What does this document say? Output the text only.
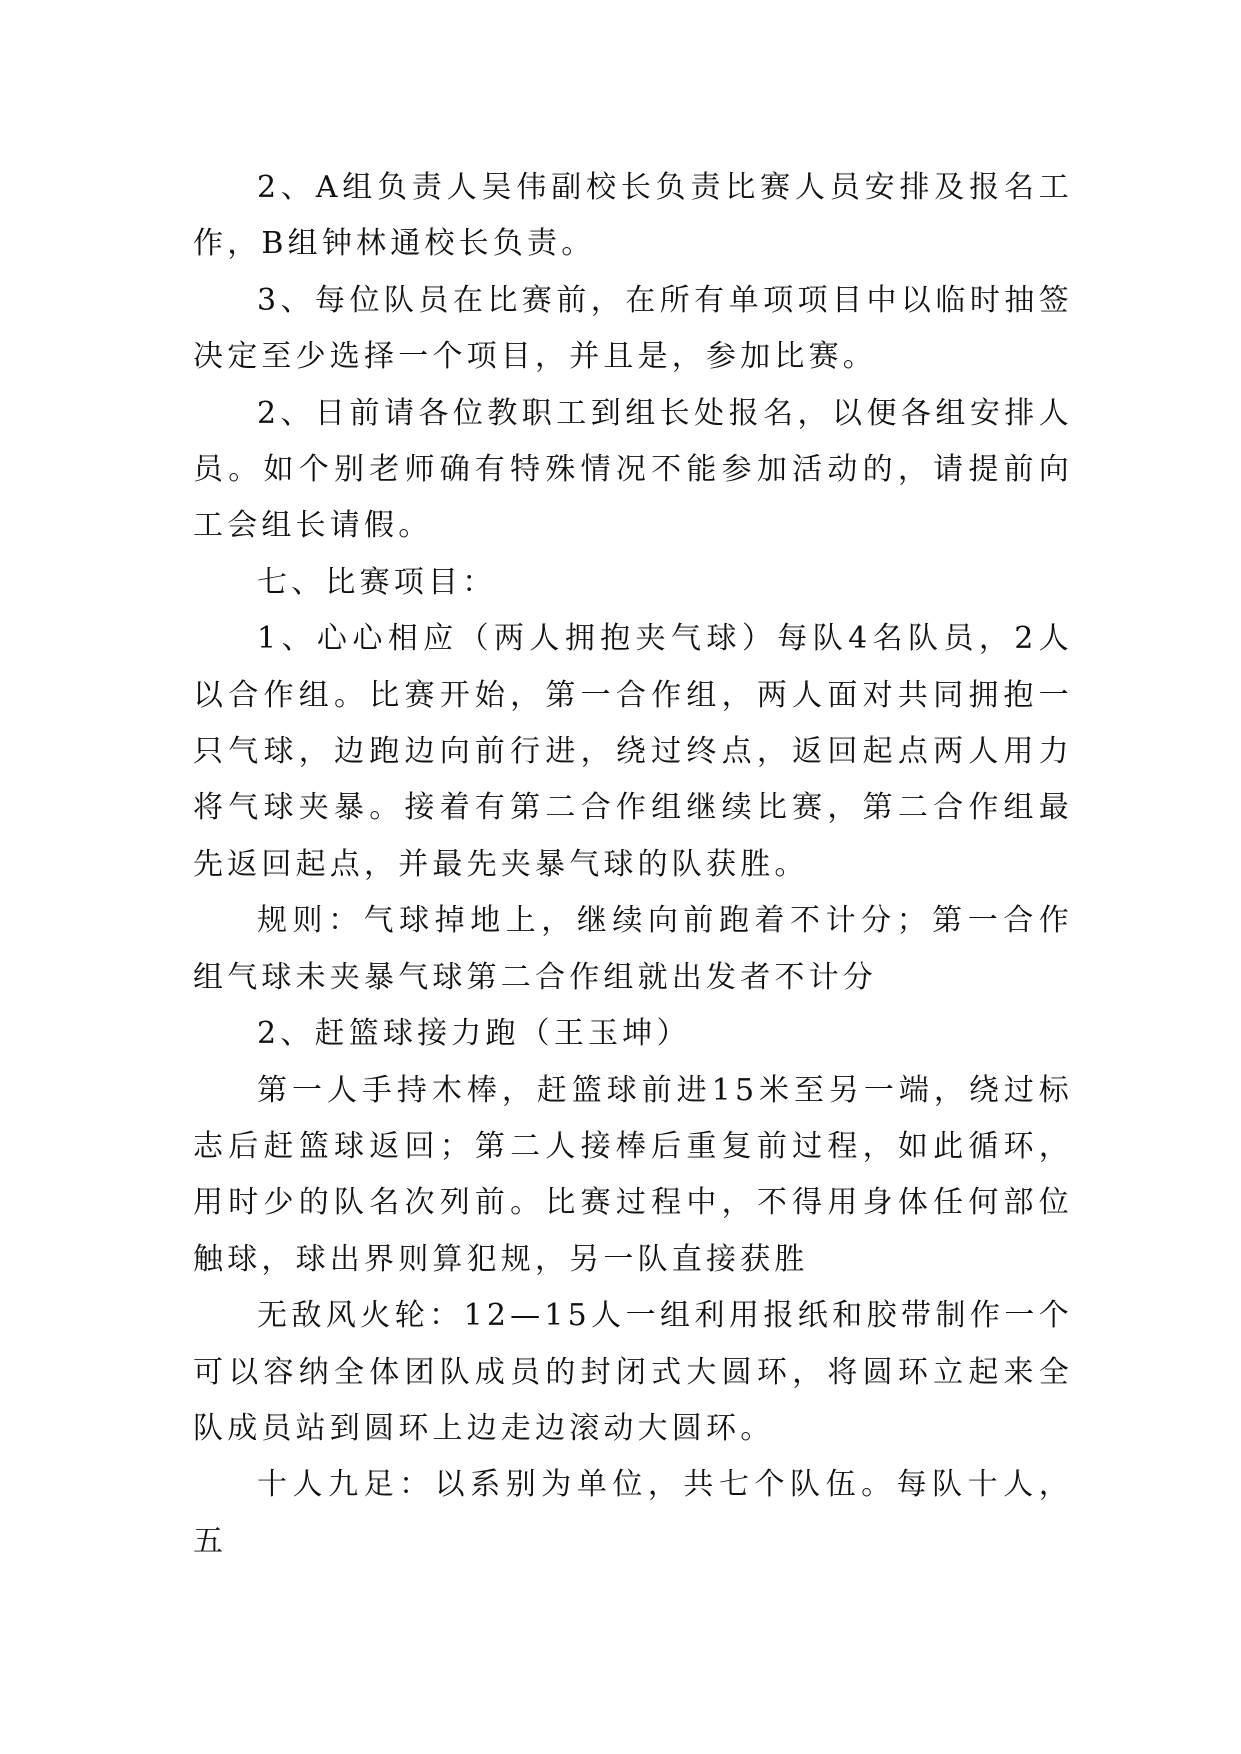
2、A组负责人吴伟副校长负责比赛人员安排及报名工作，B组钟林通校长负责。

3、每位队员在比赛前，在所有单项项目中以临时抽签决定至少选择一个项目，并且是，参加比赛。

2、日前请各位教职工到组长处报名，以便各组安排人员。如个别老师确有特殊情况不能参加活动的，请提前向工会组长请假。

七、比赛项目：

1、心心相应（两人拥抱夹气球）每队4名队员，2人以合作组。比赛开始，第一合作组，两人面对共同拥抱一只气球，边跑边向前行进，绕过终点，返回起点两人用力将气球夹暴。接着有第二合作组继续比赛，第二合作组最先返回起点，并最先夹暴气球的队获胜。

规则：气球掉地上，继续向前跑着不计分；第一合作组气球未夹暴气球第二合作组就出发者不计分

2、赶篮球接力跑（王玉坤）

第一人手持木棒，赶篮球前进15米至另一端，绕过标志后赶篮球返回；第二人接棒后重复前过程，如此循环，用时少的队名次列前。比赛过程中，不得用身体任何部位触球，球出界则算犯规，另一队直接获胜

无敌风火轮：12—15人一组利用报纸和胶带制作一个可以容纳全体团队成员的封闭式大圆环，将圆环立起来全队成员站到圆环上边走边滚动大圆环。

十人九足：以系别为单位，共七个队伍。每队十人，五
